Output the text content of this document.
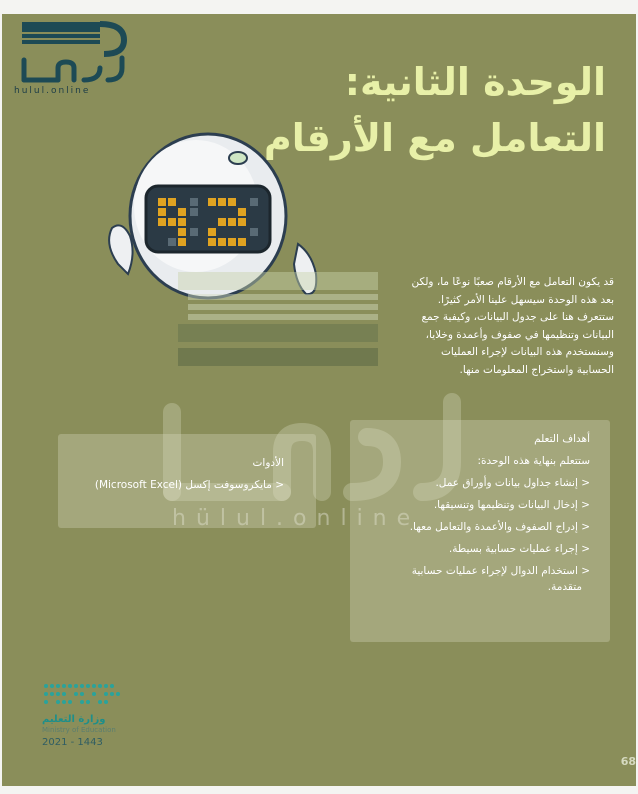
hülul.online
hulul.online	الوحدة الثانية:
التعامل مع الأرقام
قد يكون التعامل مع الأرقام صعبًا نوعًا ما، ولكن
بعد هذه الوحدة سيسهل علينا الأمر كثيرًا.
ستتعرف هنا على جدول البيانات، وكيفية جمع
البيانات وتنظيمها في صفوف وأعمدة وخلايا،
وسنستخدم هذه البيانات لإجراء العمليات
الحسابية واستخراج المعلومات منها.

أهداف التعلم

ستتعلم بنهاية هذه الوحدة:

< إنشاء جداول بيانات وأوراق عمل.

< إدخال البيانات وتنظيمها وتنسيقها.

< إدراج الصفوف والأعمدة والتعامل معها.

< إجراء عمليات حسابية بسيطة.

< استخدام الدوال لإجراء عمليات حسابية

متقدمة.

الأدوات

< مايكروسوفت إكسل (Microsoft Excel)

وزارة التعليم
Ministry of Education
2021 - 1443
68
